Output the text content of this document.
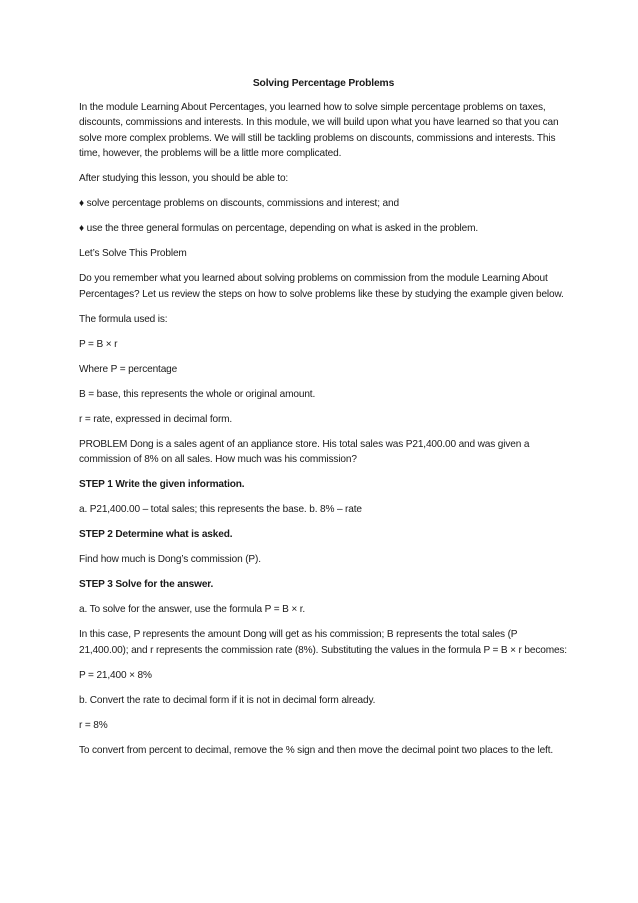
Solving Percentage Problems

In the module Learning About Percentages, you learned how to solve simple percentage problems on taxes, discounts, commissions and interests. In this module, we will build upon what you have learned so that you can solve more complex problems. We will still be tackling problems on discounts, commissions and interests. This time, however, the problems will be a little more complicated.

After studying this lesson, you should be able to:

♦ solve percentage problems on discounts, commissions and interest; and

♦ use the three general formulas on percentage, depending on what is asked in the problem.

Let’s Solve This Problem

Do you remember what you learned about solving problems on commission from the module Learning About Percentages? Let us review the steps on how to solve problems like these by studying the example given below.

The formula used is:

P = B × r

Where P = percentage

B = base, this represents the whole or original amount.

r = rate, expressed in decimal form.

PROBLEM Dong is a sales agent of an appliance store. His total sales was P21,400.00 and was given a commission of 8% on all sales. How much was his commission?

STEP 1 Write the given information.

a. P21,400.00 – total sales; this represents the base. b. 8% – rate

STEP 2 Determine what is asked.

Find how much is Dong’s commission (P).

STEP 3 Solve for the answer.

a. To solve for the answer, use the formula P = B × r.

In this case, P represents the amount Dong will get as his commission; B represents the total sales (P 21,400.00); and r represents the commission rate (8%). Substituting the values in the formula P = B × r becomes:

P = 21,400 × 8%

b. Convert the rate to decimal form if it is not in decimal form already.

r = 8%

To convert from percent to decimal, remove the % sign and then move the decimal point two places to the left.
